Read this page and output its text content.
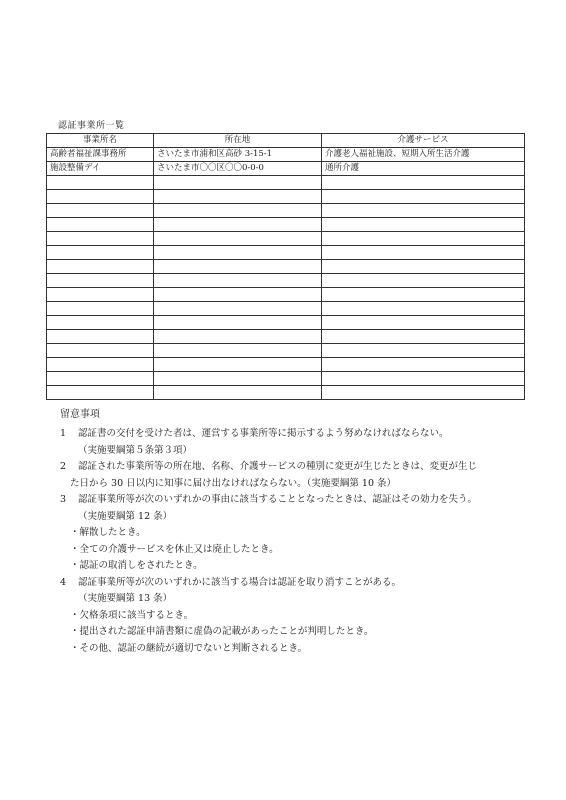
認証事業所一覧
事業所名	所在地	介護サービス
高齢者福祉課事務所	さいたま市浦和区高砂 3-15-1	介護老人福祉施設、短期入所生活介護
施設整備デイ	さいたま市〇〇区〇〇0-0-0	通所介護

留意事項
1 認証書の交付を受けた者は、運営する事業所等に掲示するよう努めなければならない。
（実施要綱第５条第３項）
2 認証された事業所等の所在地、名称、介護サービスの種別に変更が生じたときは、変更が生じ
た日から 30 日以内に知事に届け出なければならない。（実施要綱第 10 条）
3 認証事業所等が次のいずれかの事由に該当することとなったときは、認証はその効力を失う。
（実施要綱第 12 条）
・解散したとき。
・全ての介護サービスを休止又は廃止したとき。
・認証の取消しをされたとき。
4 認証事業所等が次のいずれかに該当する場合は認証を取り消すことがある。
（実施要綱第 13 条）
・欠格条項に該当するとき。
・提出された認証申請書類に虚偽の記載があったことが判明したとき。
・その他、認証の継続が適切でないと判断されるとき。
